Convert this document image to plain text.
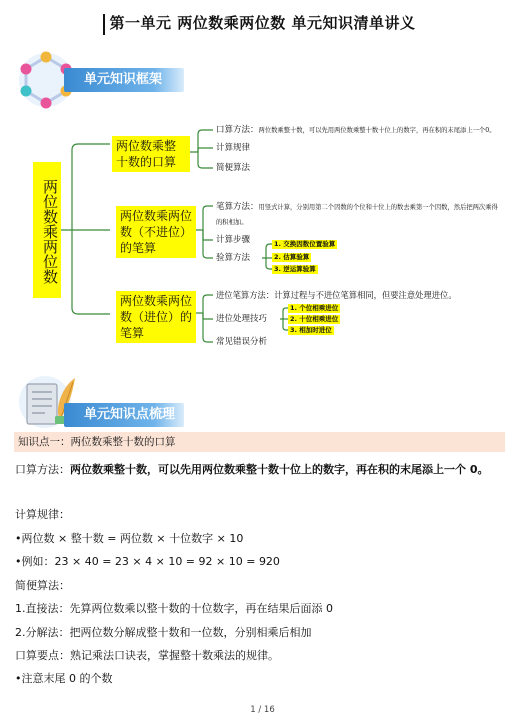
第一单元 两位数乘两位数 单元知识清单讲义
单元知识框架
两位数乘两位数
两位数乘整十数的口算
两位数乘两位数（不进位）的笔算
两位数乘两位数（进位）的笔算
口算方法：两位数乘整十数，可以先用两位数乘整十数十位上的数字，再在积的末尾添上一个0。
计算规律
简便算法
笔算方法：用竖式计算，分别用第二个因数的个位和十位上的数去乘第一个因数，然后把两次乘得的积相加。
计算步骤
验算方法
1. 交换因数位置验算
2. 估算验算
3. 逆运算验算
进位笔算方法：计算过程与不进位笔算相同，但要注意处理进位。
进位处理技巧
常见错误分析
1. 个位相乘进位
2. 十位相乘进位
3. 相加时进位
单元知识点梳理
知识点一：两位数乘整十数的口算
口算方法：两位数乘整十数，可以先用两位数乘整十数十位上的数字，再在积的末尾添上一个 0。
计算规律：
•两位数 × 整十数 = 两位数 × 十位数字 × 10
•例如：23 × 40 = 23 × 4 × 10 = 92 × 10 = 920
简便算法：
1.直接法：先算两位数乘以整十数的十位数字，再在结果后面添 0
2.分解法：把两位数分解成整十数和一位数，分别相乘后相加
口算要点：熟记乘法口诀表，掌握整十数乘法的规律。
•注意末尾 0 的个数
1 / 16
